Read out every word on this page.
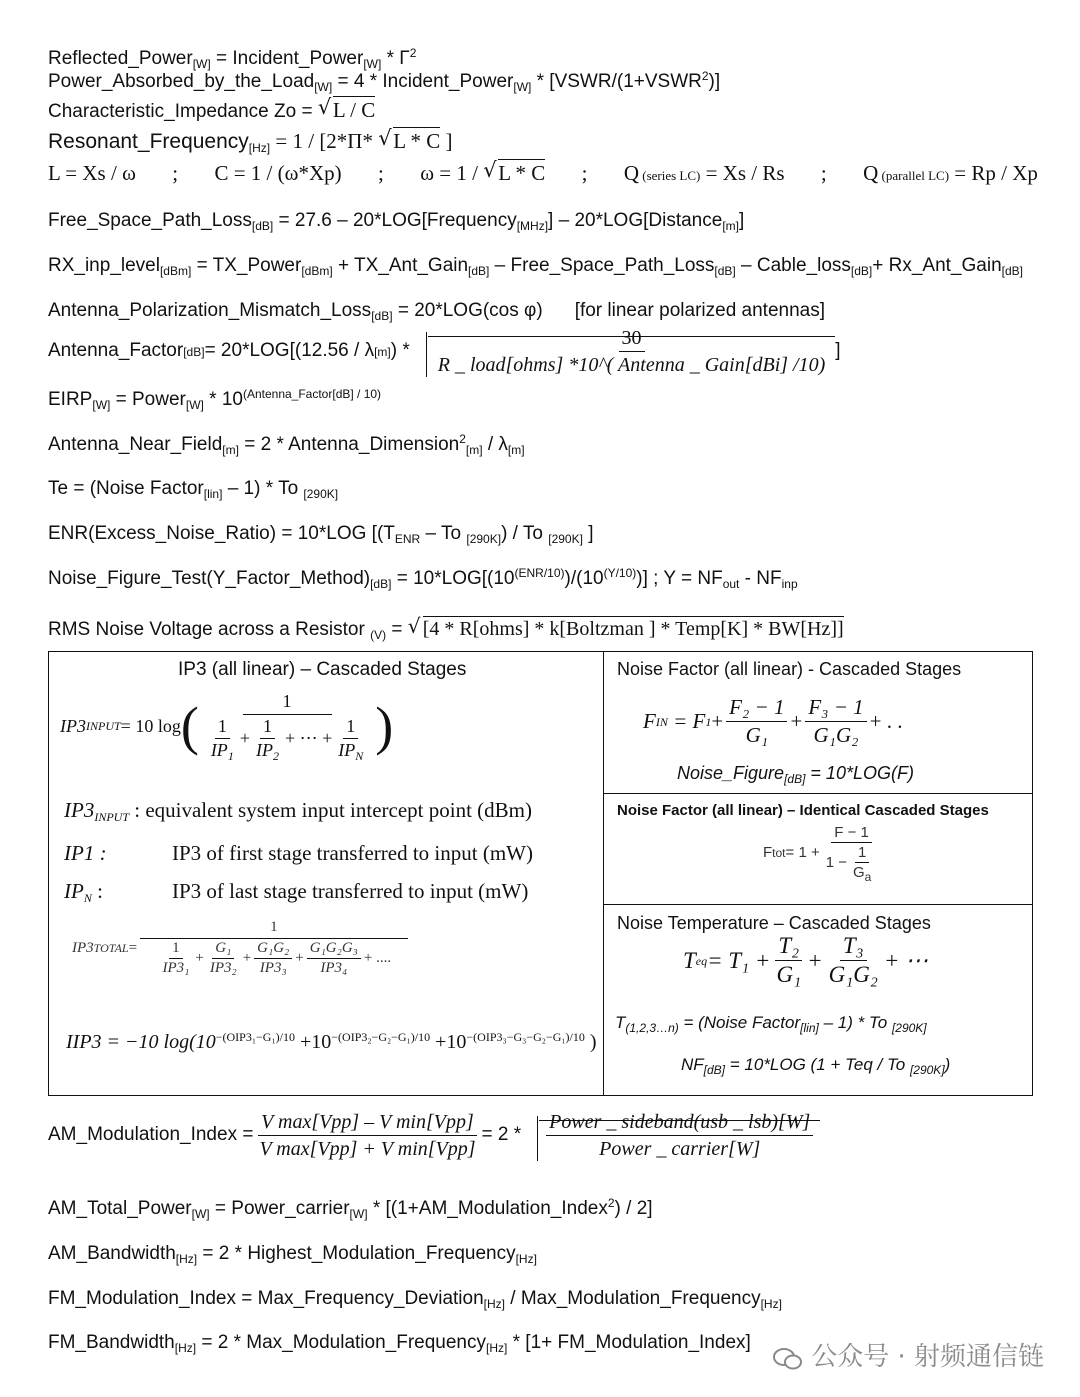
Reflected_Power$_{[W]}$ = Incident_Power$_{[W]}$ * $\Gamma^2$
Power_Absorbed_by_the_Load$_{[W]}$ = 4 * Incident_Power$_{[W]}$ * $[VSWR/(1+VSWR^2)]$
Characteristic_Impedance Zo = √ L / C
Resonant_Frequency$_{[Hz]}$ = 1 / [2*Π* √ L * C ]
L = Xs / ω ; C = 1 / (ω*Xp) ; ω = 1 / √ L * C ; Q (series LC) = Xs / Rs ; Q (parallel LC) = Rp / Xp
Free_Space_Path_Loss$_{[dB]}$ = 27.6 – 20*LOG[Frequency$_{[MHz]}$] – 20*LOG[Distance$_{[m]}$]
RX_inp_level$_{[dBm]}$ = TX_Power$_{[dBm]}$ + TX_Ant_Gain$_{[dB]}$ – Free_Space_Path_Loss$_{[dB]}$ – Cable_loss$_{[dB]}$+ Rx_Ant_Gain$_{[dB]}$
Antenna_Polarization_Mismatch_Loss$_{[dB]}$ = 20*LOG(cos φ) [for linear polarized antennas]
Antenna_Factor [dB] = 20*LOG[(12.56 / λ [m] ) * $\frac{30}{\text{R \_ load[ohms] *10\textasciicircum{}( Antenna \_ Gain[dBi] /10)}}$ ]
$EIRP_{[W]}$ = Power$_{[W]}$ * $10^{(Antenna\_Factor[dB] / 10)}$
Antenna_Near_Field$_{[m]}$ = 2 * Antenna_Dimension$^2_{[m]}$ / $\lambda_{[m]}$
Te = (Noise Factor$_{[lin]}$ – 1) * To $_{[290K]}$
ENR(Excess_Noise_Ratio) = 10*LOG [($T_{ENR}$ – To $_{[290K]}$) / To $_{[290K]}$ ]
$Noise\_Figure\_Test(Y\_Factor\_Method)_{[dB]} = 10*LOG[(10^{(ENR/10)})/(10^{(Y/10)})]$ ; $Y = NF_{out} - NF_{inp}$
RMS Noise Voltage across a Resistor $_{(V)}$ = √ [4 * R[ohms] * k[Boltzman ] * Temp[K] * BW[Hz]]
IP3 (all linear) – Cascaded Stages
IP3 INPUT = 10 log ( $\frac{1}{\frac{1}{IP_1} + \frac{1}{IP_2} + \cdots + \frac{1}{IP_N}}$ )
$IP3_{INPUT}$ : equivalent system input intercept point (dBm)
IP1 :	IP3 of first stage transferred to input (mW)
$IP_N$ :	IP3 of last stage transferred to input (mW)
IP3 TOTAL =
1
$\frac{1}{\text{IP3₁}} + \frac{\text{G₁}}{\text{IP3₂}} + \frac{\text{G₁G₂}}{\text{IP3₃}} + \frac{\text{G₁G₂G₃}}{\text{IP3₄}}$ + ....
IIP3 = −10 $\log(10^{-(OIP3_1-G_1)/10} +10^{-(OIP3_2-G_2-G_1)/10} +10^{-(OIP3_3-G_3-G_2-G_1)/10}$ )
Noise Factor (all linear) - Cascaded Stages
F IN
= F $1 + \frac{\text{F₂ − 1}}{\text{G₁}} + \frac{\text{F₃ − 1}}{\text{G₁G₂}}$ + . .
Noise_Figure$_{[dB]}$ = 10*LOG(F)
Noise Factor (all linear) – Identical Cascaded Stages
F tot = $1 + \frac{F - 1}{1 - \frac{1}{G_a}}$
Noise Temperature – Cascaded Stages
T eq = $T_1 + \frac{\text{T₂}}{\text{G₁}} + \frac{\text{T₃}}{\text{G₁G₂}}$ + ⋯
$T_{(1,2,3\dots n)}$ = (Noise Factor$_{[lin]}$ – 1) * To $_{[290K]}$
$NF_{[dB]} = 10*LOG$ (1 + Teq / To $_{[290K]}$)
AM_Modulation_Index = $\frac{\text{V max[Vpp] – V min[Vpp]}}{\text{V max[Vpp] + V min[Vpp]}} = 2 * \frac{\text{Power \_ sideband(usb \_ lsb)[W]}}{\text{Power \_ carrier[W]}}$
AM_Total_Power$_{[W]}$ = Power_carrier$_{[W]}$ * [(1+AM_Modulation_Index$^2$) / 2]
AM_Bandwidth$_{[Hz]}$ = 2 * Highest_Modulation_Frequency$_{[Hz]}$
FM_Modulation_Index = Max_Frequency_Deviation$_{[Hz]}$ / Max_Modulation_Frequency$_{[Hz]}$
FM_Bandwidth$_{[Hz]}$ = 2 * Max_Modulation_Frequency$_{[Hz]}$ * [1+ FM_Modulation_Index]	公众号 · 射频通信链
